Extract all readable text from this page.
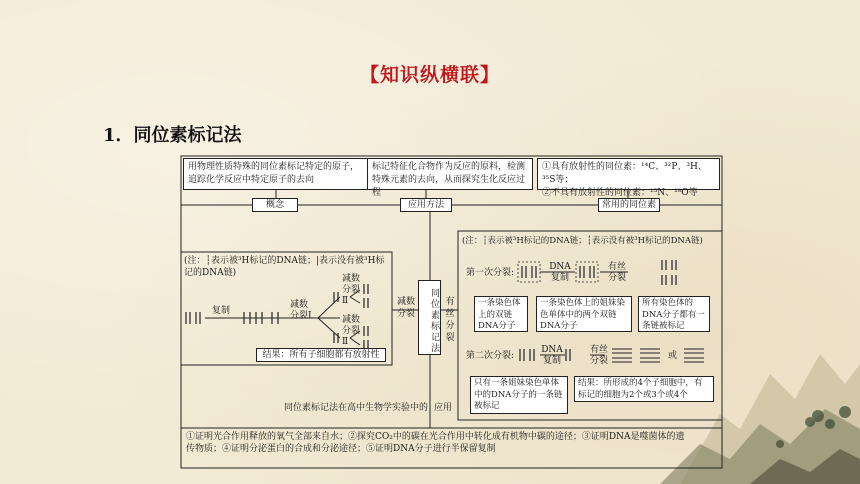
【知识纵横联】
1．同位素标记法
用物理性质特殊的同位素标记特定的原子，追踪化学反应中特定原子的去向
标记特征化合物作为反应的原料，检测特殊元素的去向，从而探究生化反应过程
①具有放射性的同位素：¹⁴C、³²P、³H、³⁵S等；
②不具有放射性的同位素：¹⁵N、¹⁸O等
概念	应用方法	常用的同位素
同位素标记法
减数分裂
有丝分裂
(注：┆表示被³H标记的DNA链；|表示没有被³H标
记的DNA链)
复制
减数分裂Ⅰ
减数分裂Ⅱ
减数分裂Ⅱ
结果：所有子细胞都有放射性
(注：┆表示被³H标记的DNA链；┆表示没有被³H标记的DNA链)
第一次分裂:
DNA复制
有丝分裂
一条染色体上的双链DNA分子
一条染色体上的姐妹染色单体中的两个双链DNA分子
所有染色体的DNA分子都有一条链被标记
第二次分裂:
DNA复制
有丝分裂	或
只有一条姐妹染色单体中的DNA分子的一条链被标记
结果：所形成的4个子细胞中，有标记的细胞为2个或3个或4个
同位素标记法在高中生物学实验中的 应用
①证明光合作用释放的氧气全部来自水；②探究CO₂中的碳在光合作用中转化成有机物中碳的途径；③证明DNA是噬菌体的遗
传物质；④证明分泌蛋白的合成和分泌途径；⑤证明DNA分子进行半保留复制
